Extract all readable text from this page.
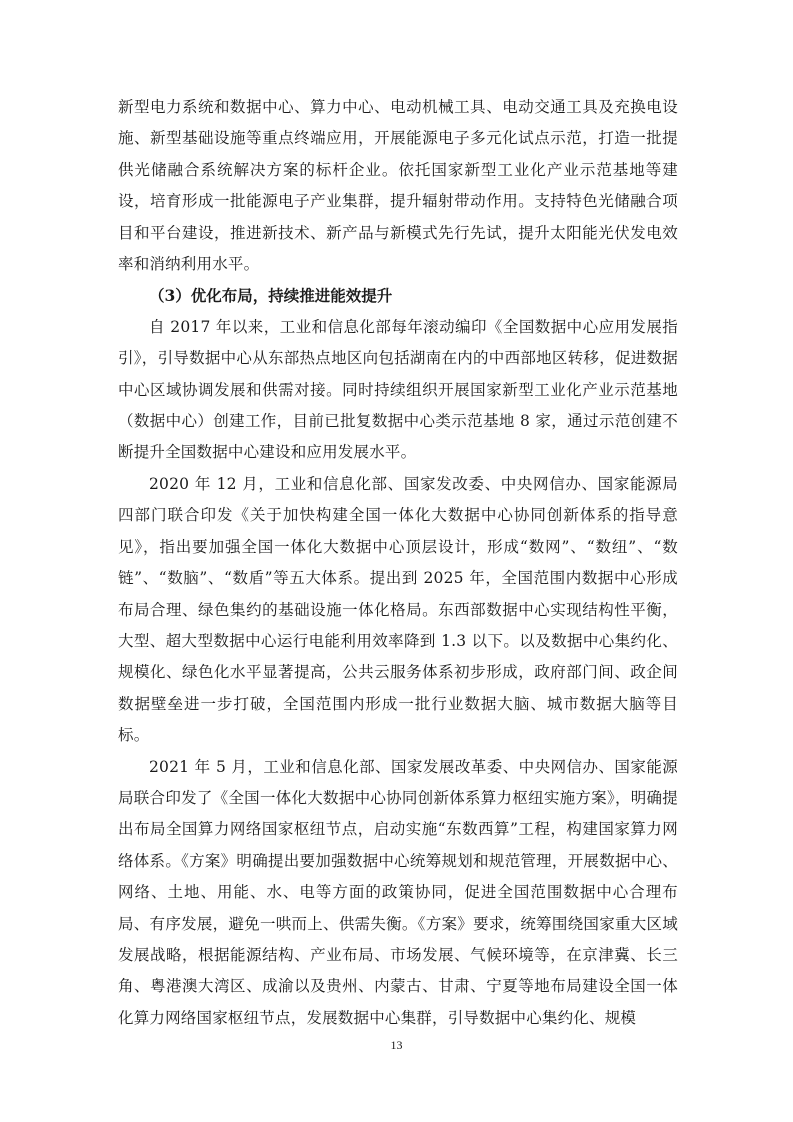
新型电力系统和数据中心、算力中心、电动机械工具、电动交通工具及充换电设施、新型基础设施等重点终端应用，开展能源电子多元化试点示范，打造一批提供光储融合系统解决方案的标杆企业。依托国家新型工业化产业示范基地等建设，培育形成一批能源电子产业集群，提升辐射带动作用。支持特色光储融合项目和平台建设，推进新技术、新产品与新模式先行先试，提升太阳能光伏发电效率和消纳利用水平。

（3）优化布局，持续推进能效提升

自 2017 年以来，工业和信息化部每年滚动编印《全国数据中心应用发展指引》，引导数据中心从东部热点地区向包括湖南在内的中西部地区转移，促进数据中心区域协调发展和供需对接。同时持续组织开展国家新型工业化产业示范基地（数据中心）创建工作，目前已批复数据中心类示范基地 8 家，通过示范创建不断提升全国数据中心建设和应用发展水平。

2020 年 12 月，工业和信息化部、国家发改委、中央网信办、国家能源局四部门联合印发《关于加快构建全国一体化大数据中心协同创新体系的指导意见》，指出要加强全国一体化大数据中心顶层设计，形成“数网”、“数纽”、“数链”、“数脑”、“数盾”等五大体系。提出到 2025 年，全国范围内数据中心形成布局合理、绿色集约的基础设施一体化格局。东西部数据中心实现结构性平衡，大型、超大型数据中心运行电能利用效率降到 1.3 以下。以及数据中心集约化、规模化、绿色化水平显著提高，公共云服务体系初步形成，政府部门间、政企间数据壁垒进一步打破，全国范围内形成一批行业数据大脑、城市数据大脑等目标。

2021 年 5 月，工业和信息化部、国家发展改革委、中央网信办、国家能源局联合印发了《全国一体化大数据中心协同创新体系算力枢纽实施方案》，明确提出布局全国算力网络国家枢纽节点，启动实施“东数西算”工程，构建国家算力网络体系。《方案》明确提出要加强数据中心统筹规划和规范管理，开展数据中心、网络、土地、用能、水、电等方面的政策协同，促进全国范围数据中心合理布局、有序发展，避免一哄而上、供需失衡。《方案》要求，统筹围绕国家重大区域发展战略，根据能源结构、产业布局、市场发展、气候环境等，在京津冀、长三角、粤港澳大湾区、成渝以及贵州、内蒙古、甘肃、宁夏等地布局建设全国一体化算力网络国家枢纽节点，发展数据中心集群，引导数据中心集约化、规模

13
